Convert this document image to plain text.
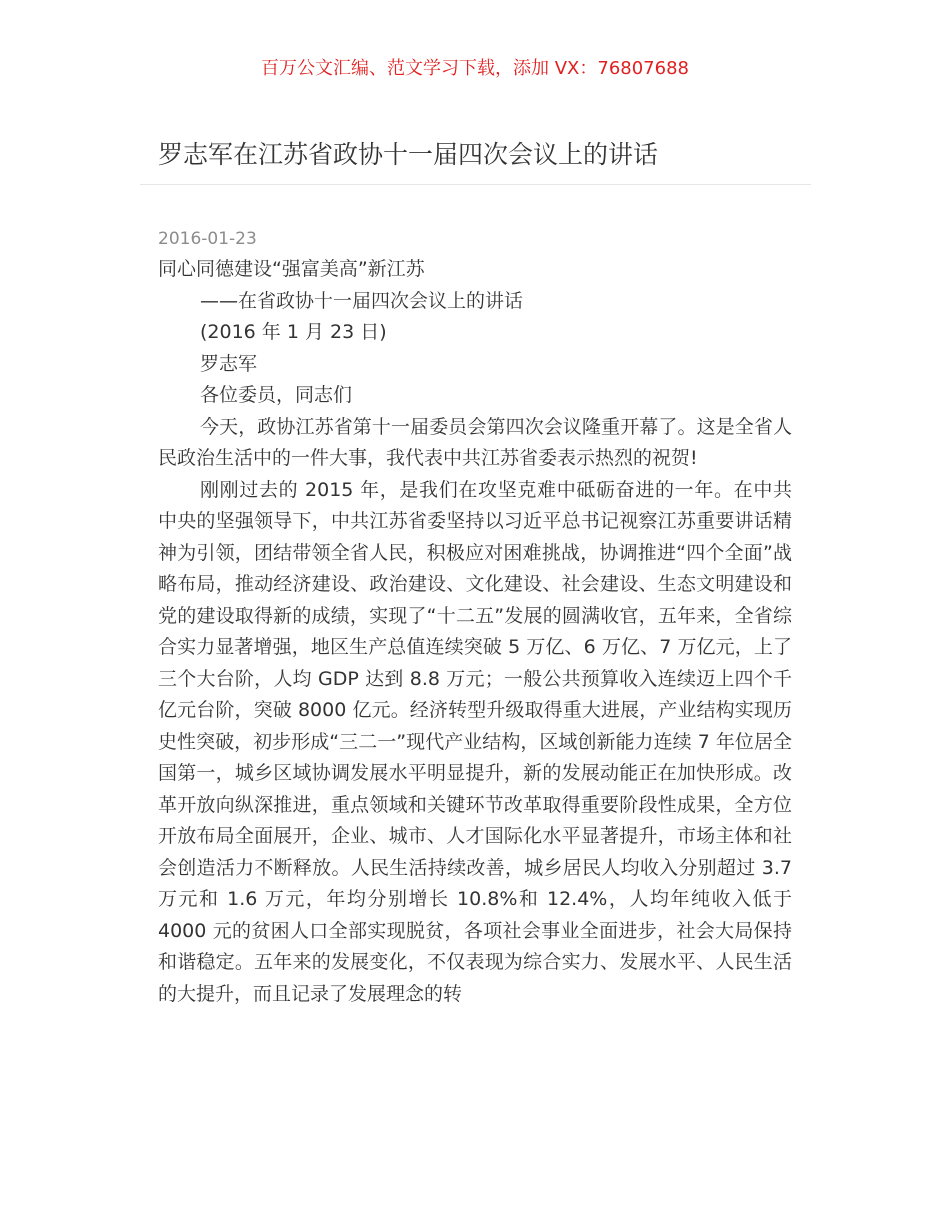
百万公文汇编、范文学习下载，添加 VX：76807688
罗志军在江苏省政协十一届四次会议上的讲话
2016-01-23

同心同德建设“强富美高”新江苏

——在省政协十一届四次会议上的讲话

(2016 年 1 月 23 日)

罗志军

各位委员，同志们

今天，政协江苏省第十一届委员会第四次会议隆重开幕了。这是全省人民政治生活中的一件大事，我代表中共江苏省委表示热烈的祝贺!

刚刚过去的 2015 年，是我们在攻坚克难中砥砺奋进的一年。在中共中央的坚强领导下，中共江苏省委坚持以习近平总书记视察江苏重要讲话精神为引领，团结带领全省人民，积极应对困难挑战，协调推进“四个全面”战略布局，推动经济建设、政治建设、文化建设、社会建设、生态文明建设和党的建设取得新的成绩，实现了“十二五”发展的圆满收官，五年来，全省综合实力显著增强，地区生产总值连续突破 5 万亿、6 万亿、7 万亿元，上了三个大台阶，人均 GDP 达到 8.8 万元；一般公共预算收入连续迈上四个千亿元台阶，突破 8000 亿元。经济转型升级取得重大进展，产业结构实现历史性突破，初步形成“三二一”现代产业结构，区域创新能力连续 7 年位居全国第一，城乡区域协调发展水平明显提升，新的发展动能正在加快形成。改革开放向纵深推进，重点领域和关键环节改革取得重要阶段性成果，全方位开放布局全面展开，企业、城市、人才国际化水平显著提升，市场主体和社会创造活力不断释放。人民生活持续改善，城乡居民人均收入分别超过 3.7 万元和 1.6 万元，年均分别增长 10.8%和 12.4%，人均年纯收入低于 4000 元的贫困人口全部实现脱贫，各项社会事业全面进步，社会大局保持和谐稳定。五年来的发展变化，不仅表现为综合实力、发展水平、人民生活的大提升，而且记录了发展理念的转
